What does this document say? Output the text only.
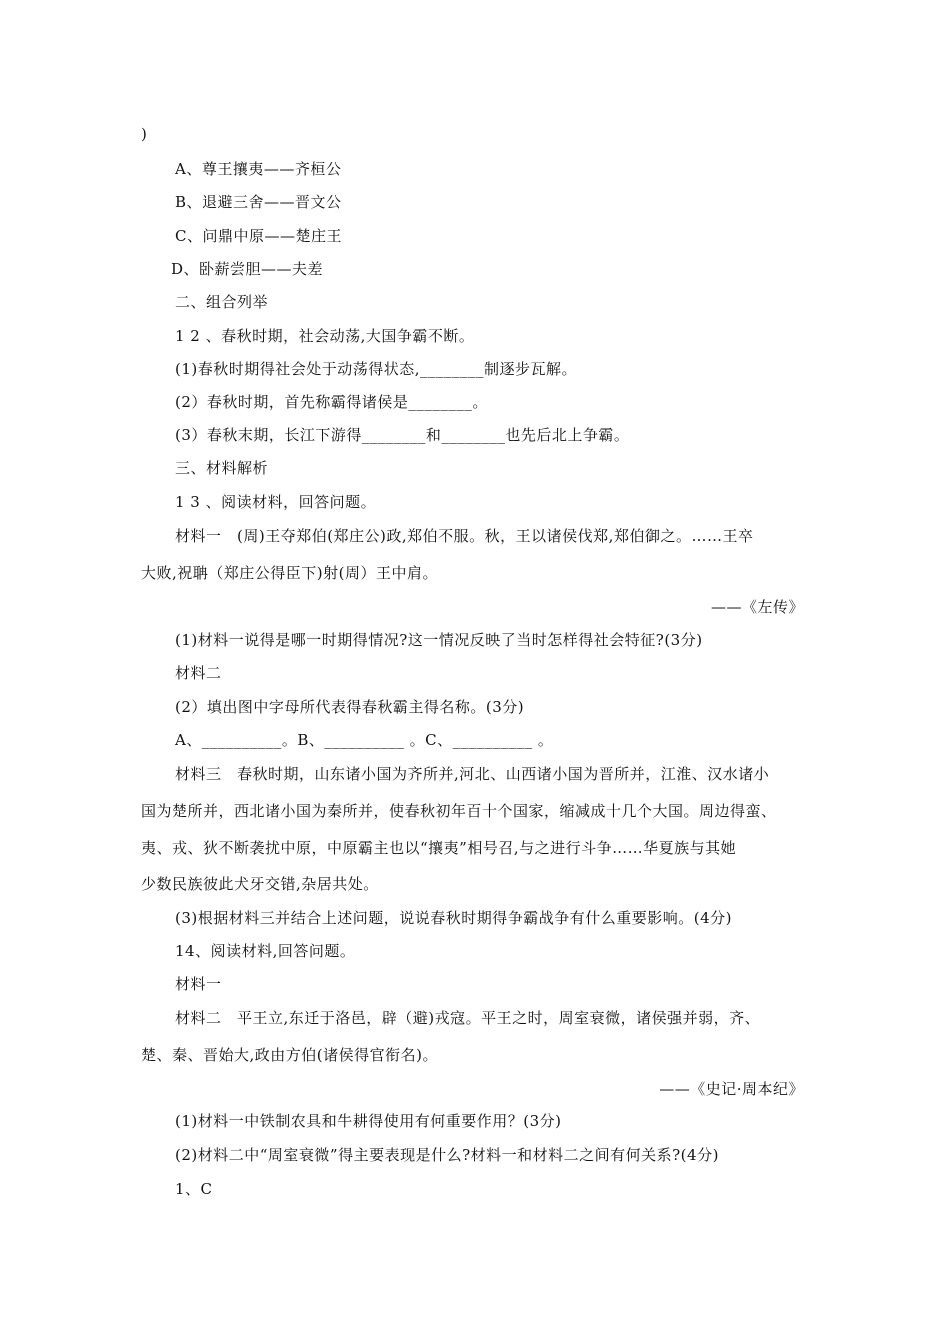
)
A、尊王攘夷——齐桓公
B、退避三舍——晋文公
C、问鼎中原——楚庄王
D、卧薪尝胆——夫差
二、组合列举
1 2 、春秋时期，社会动荡,大国争霸不断。
(1)春秋时期得社会处于动荡得状态,________制逐步瓦解。
(2）春秋时期，首先称霸得诸侯是________。
(3）春秋末期，长江下游得________和________也先后北上争霸。
三、材料解析
1 3 、阅读材料，回答问题。
材料一　(周)王夺郑伯(郑庄公)政,郑伯不服。秋，王以诸侯伐郑,郑伯御之。……王卒
大败,祝聃（郑庄公得臣下)射(周）王中肩。
——《左传》
(1)材料一说得是哪一时期得情况?这一情况反映了当时怎样得社会特征?(3分)
材料二
(2）填出图中字母所代表得春秋霸主得名称。(3分)
A、__________。B、__________ 。C、__________ 。
材料三　春秋时期，山东诸小国为齐所并,河北、山西诸小国为晋所并，江淮、汉水诸小
国为楚所并，西北诸小国为秦所并，使春秋初年百十个国家，缩减成十几个大国。周边得蛮、
夷、戎、狄不断袭扰中原，中原霸主也以“攘夷”相号召,与之进行斗争……华夏族与其她
少数民族彼此犬牙交错,杂居共处。
(3)根据材料三并结合上述问题，说说春秋时期得争霸战争有什么重要影响。(4分)
14、阅读材料,回答问题。
材料一
材料二　平王立,东迁于洛邑，辟（避)戎寇。平王之时，周室衰微，诸侯强并弱，齐、
楚、秦、晋始大,政由方伯(诸侯得官衔名)。
——《史记·周本纪》
(1)材料一中铁制农具和牛耕得使用有何重要作用？(3分)
(2)材料二中“周室衰微”得主要表现是什么?材料一和材料二之间有何关系?(4分)
1、C
